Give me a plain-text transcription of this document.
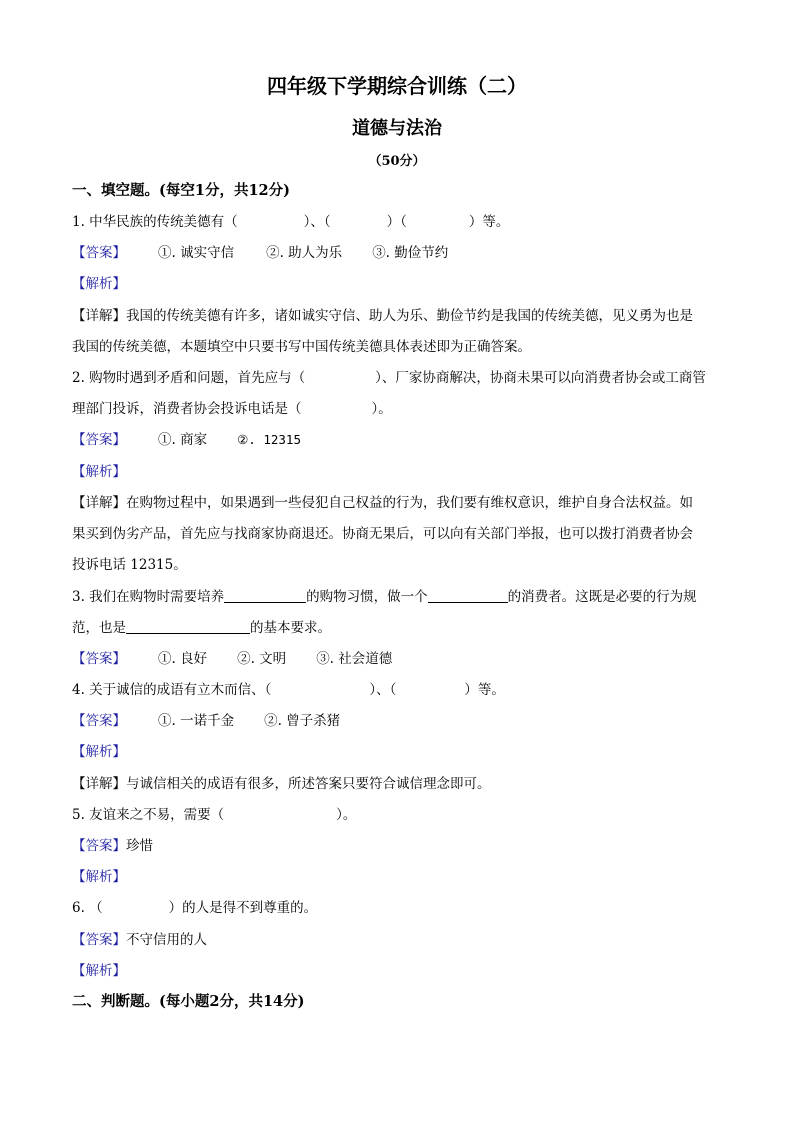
四年级下学期综合训练（二）
道德与法治
（50分）
一、填空题。(每空1分，共12分)
1. 中华民族的传统美德有（	）、（	）（	）等。
【答案】 ①. 诚实守信 ②. 助人为乐 ③. 勤俭节约
【解析】
【详解】我国的传统美德有许多，诸如诚实守信、助人为乐、勤俭节约是我国的传统美德，见义勇为也是
我国的传统美德，本题填空中只要书写中国传统美德具体表述即为正确答案。
2. 购物时遇到矛盾和问题，首先应与（	）、厂家协商解决，协商未果可以向消费者协会或工商管
理部门投诉，消费者协会投诉电话是（	）。
【答案】 ①. 商家 ②. 12315
【解析】
【详解】在购物过程中，如果遇到一些侵犯自己权益的行为，我们要有维权意识，维护自身合法权益。如
果买到伪劣产品，首先应与找商家协商退还。协商无果后，可以向有关部门举报，也可以拨打消费者协会
投诉电话 12315。
3. 我们在购物时需要培养	的购物习惯，做一个	的消费者。这既是必要的行为规
范，也是	的基本要求。
【答案】 ①. 良好 ②. 文明 ③. 社会道德
4. 关于诚信的成语有立木而信、（	）、（	）等。
【答案】 ①. 一诺千金 ②. 曾子杀猪
【解析】
【详解】与诚信相关的成语有很多，所述答案只要符合诚信理念即可。
5. 友谊来之不易，需要（	）。
【答案】珍惜
【解析】
6. （	）的人是得不到尊重的。
【答案】不守信用的人
【解析】
二、判断题。(每小题2分，共14分)
